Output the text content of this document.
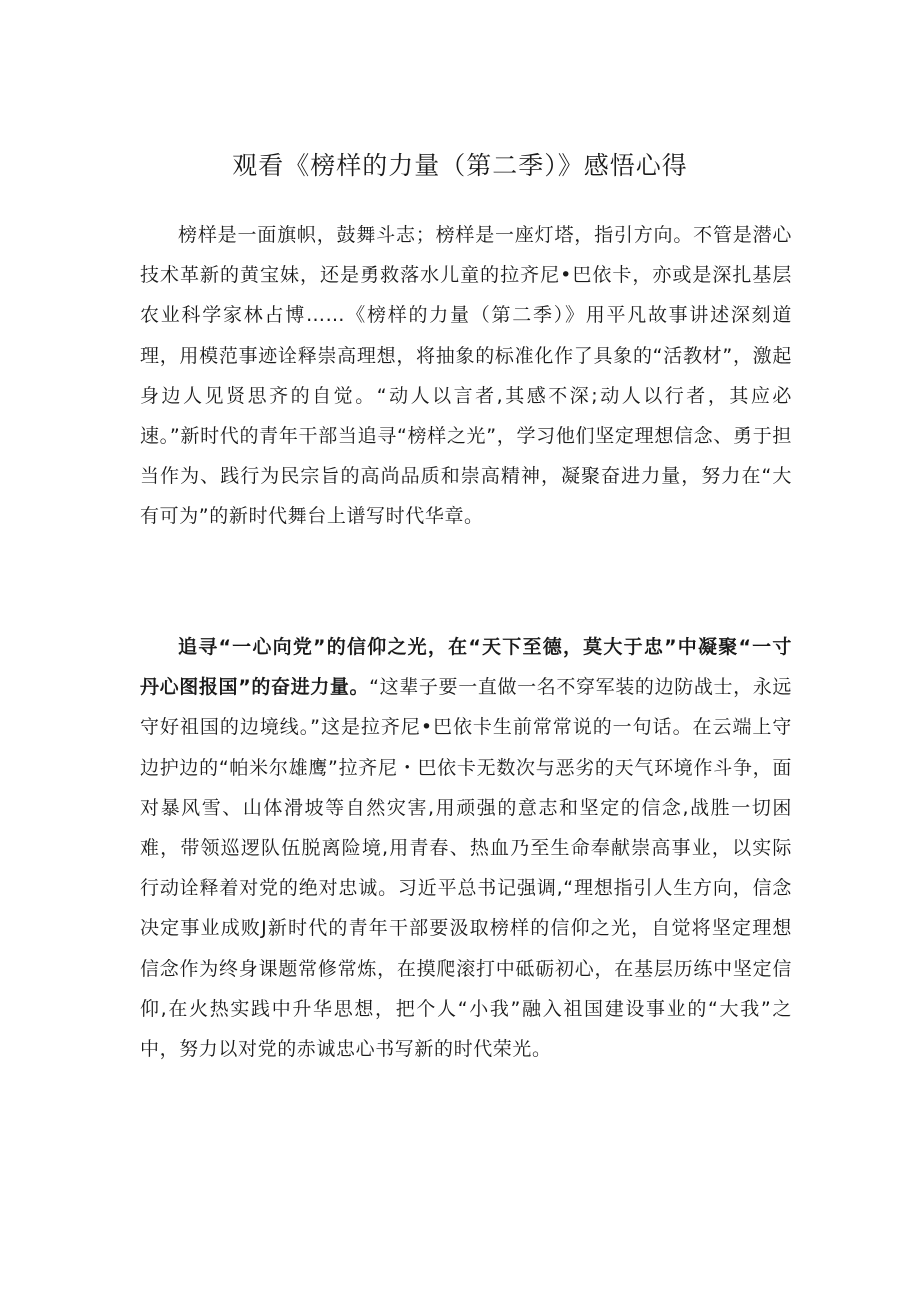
观看《榜样的力量（第二季）》感悟心得

榜样是一面旗帜，鼓舞斗志；榜样是一座灯塔，指引方向。不管是潜心技术革新的黄宝妹，还是勇救落水儿童的拉齐尼•巴依卡，亦或是深扎基层农业科学家林占博……《榜样的力量（第二季）》用平凡故事讲述深刻道理，用模范事迹诠释崇高理想，将抽象的标准化作了具象的“活教材”，激起身边人见贤思齐的自觉。“动人以言者,其感不深;动人以行者，其应必速。”新时代的青年干部当追寻“榜样之光”，学习他们坚定理想信念、勇于担当作为、践行为民宗旨的高尚品质和崇高精神，凝聚奋进力量，努力在“大有可为”的新时代舞台上谱写时代华章。

追寻“一心向党”的信仰之光，在“天下至德，莫大于忠”中凝聚“一寸丹心图报国”的奋进力量。“这辈子要一直做一名不穿军装的边防战士，永远守好祖国的边境线。”这是拉齐尼•巴依卡生前常常说的一句话。在云端上守边护边的“帕米尔雄鹰”拉齐尼・巴依卡无数次与恶劣的天气环境作斗争，面对暴风雪、山体滑坡等自然灾害,用顽强的意志和坚定的信念,战胜一切困难，带领巡逻队伍脱离险境,用青春、热血乃至生命奉献崇高事业，以实际行动诠释着对党的绝对忠诚。习近平总书记强调,“理想指引人生方向，信念决定事业成败J新时代的青年干部要汲取榜样的信仰之光，自觉将坚定理想信念作为终身课题常修常炼，在摸爬滚打中砥砺初心，在基层历练中坚定信仰,在火热实践中升华思想，把个人“小我”融入祖国建设事业的“大我”之中，努力以对党的赤诚忠心书写新的时代荣光。
